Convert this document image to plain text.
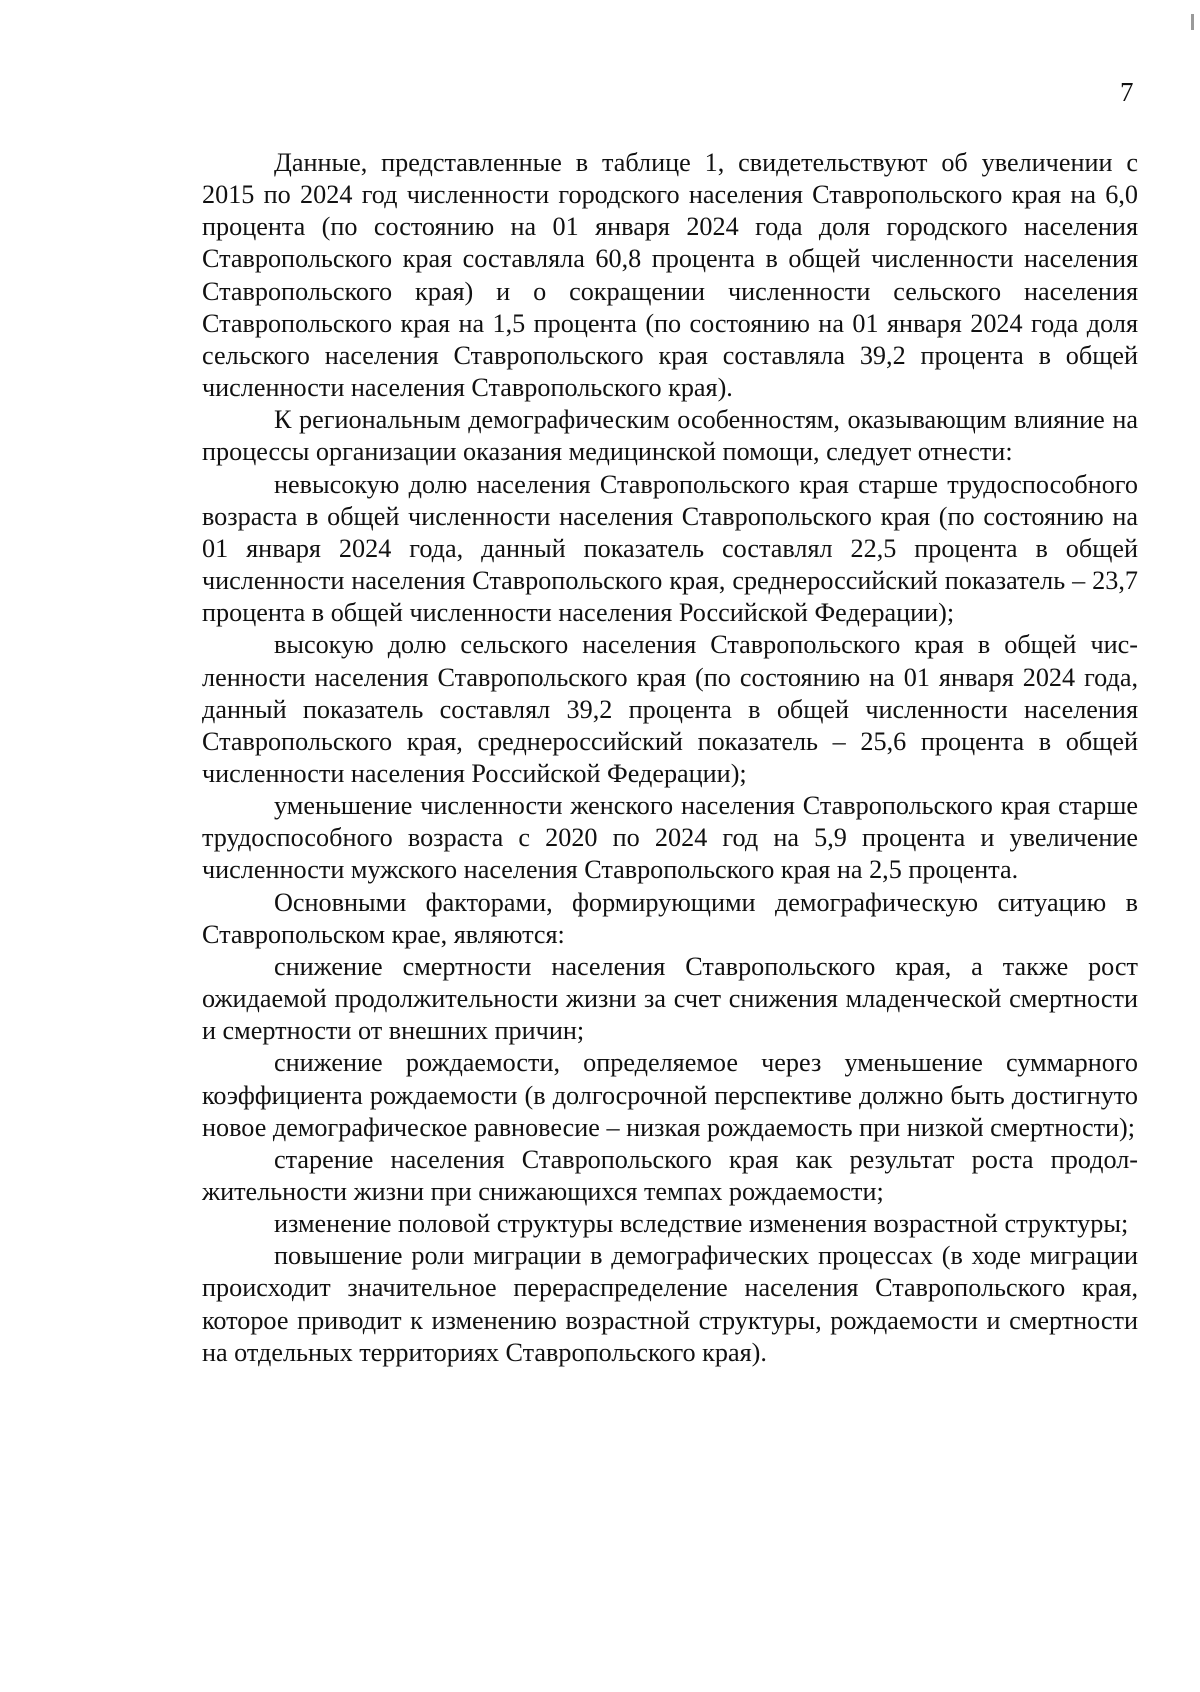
7

Данные, представленные в таблице 1, свидетельствуют об увеличении с 2015 по 2024 год численности городского населения Ставропольского края на 6,0 процента (по состоянию на 01 января 2024 года доля городского населения Ставропольского края составляла 60,8 процента в общей численности населения Ставропольского края) и о сокращении численности сельского населения Ставропольского края на 1,5 процента (по состоянию на 01 января 2024 года доля сельского населения Ставропольского края составляла 39,2 процента в общей численности населения Ставропольского края).

К региональным демографическим особенностям, оказывающим влияние на процессы организации оказания медицинской помощи, следует отнести:

невысокую долю населения Ставропольского края старше трудоспособного возраста в общей численности населения Ставропольского края (по состоянию на 01 января 2024 года, данный показатель составлял 22,5 процента в общей численности населения Ставропольского края, среднероссийский показатель – 23,7 процента в общей численности населения Российской Федерации);

высокую долю сельского населения Ставропольского края в общей численности населения Ставропольского края (по состоянию на 01 января 2024 года, данный показатель составлял 39,2 процента в общей численности населения Ставропольского края, среднероссийский показатель – 25,6 процента в общей численности населения Российской Федерации);

уменьшение численности женского населения Ставропольского края старше трудоспособного возраста с 2020 по 2024 год на 5,9 процента и увеличение численности мужского населения Ставропольского края на 2,5 процента.

Основными факторами, формирующими демографическую ситуацию в Ставропольском крае, являются:

снижение смертности населения Ставропольского края, а также рост ожидаемой продолжительности жизни за счет снижения младенческой смертности и смертности от внешних причин;

снижение рождаемости, определяемое через уменьшение суммарного коэффициента рождаемости (в долгосрочной перспективе должно быть достигнуто новое демографическое равновесие – низкая рождаемость при низкой смертности);

старение населения Ставропольского края как результат роста продолжительности жизни при снижающихся темпах рождаемости;

изменение половой структуры вследствие изменения возрастной структуры;

повышение роли миграции в демографических процессах (в ходе миграции происходит значительное перераспределение населения Ставропольского края, которое приводит к изменению возрастной структуры, рождаемости и смертности на отдельных территориях Ставропольского края).
